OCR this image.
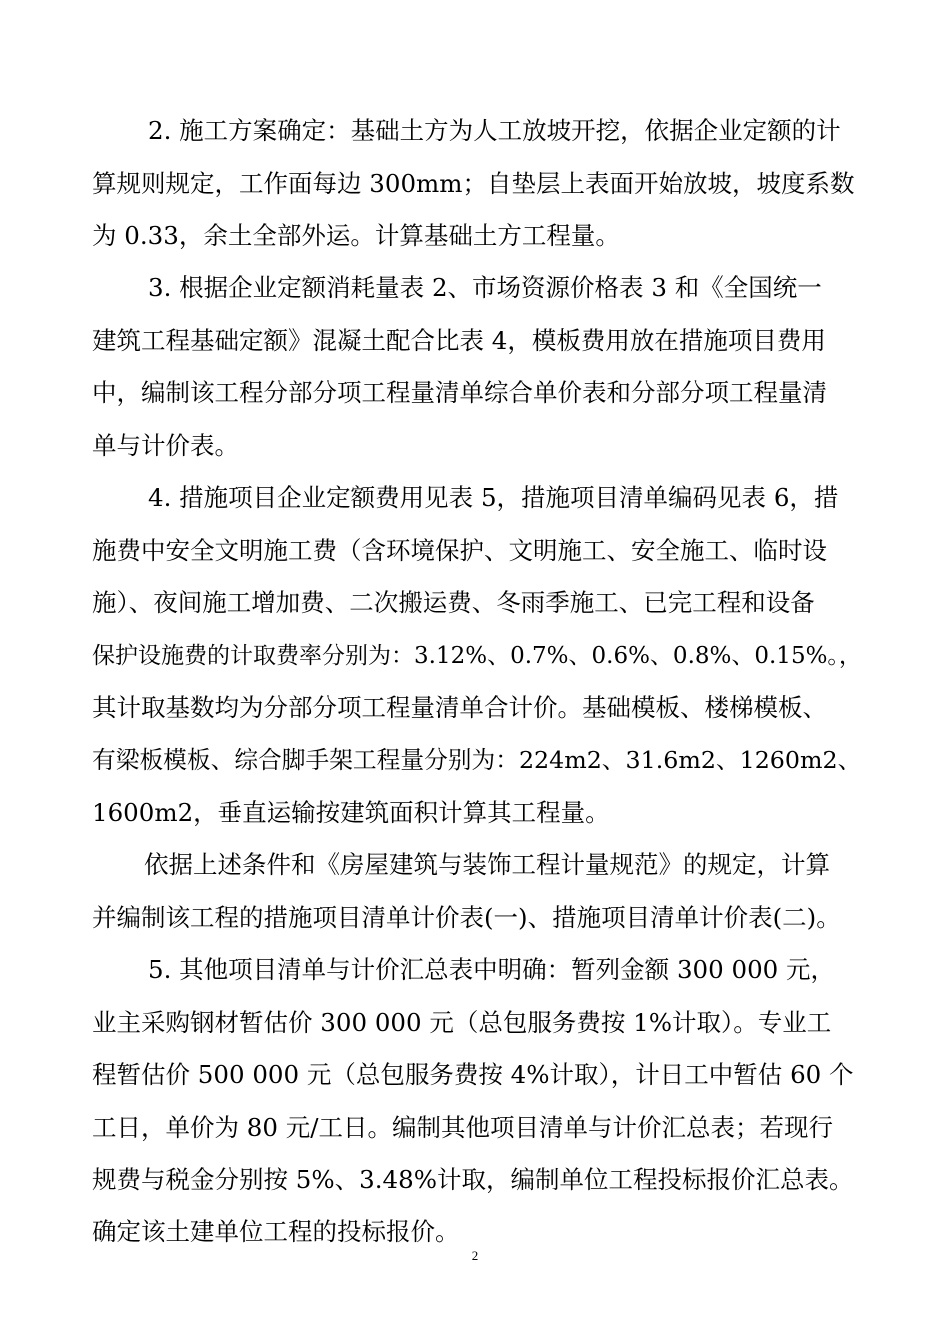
2. 施工方案确定：基础土方为人工放坡开挖，依据企业定额的计
算规则规定，工作面每边 300mm；自垫层上表面开始放坡，坡度系数
为 0.33，余土全部外运。计算基础土方工程量。
3. 根据企业定额消耗量表 2、市场资源价格表 3 和《全国统一
建筑工程基础定额》混凝土配合比表 4，模板费用放在措施项目费用
中，编制该工程分部分项工程量清单综合单价表和分部分项工程量清
单与计价表。
4. 措施项目企业定额费用见表 5，措施项目清单编码见表 6，措
施费中安全文明施工费（含环境保护、文明施工、安全施工、临时设
施）、夜间施工增加费、二次搬运费、冬雨季施工、已完工程和设备
保护设施费的计取费率分别为：3.12%、0.7%、0.6%、0.8%、0.15%。，
其计取基数均为分部分项工程量清单合计价。基础模板、楼梯模板、
有梁板模板、综合脚手架工程量分别为：224m2、31.6m2、1260m2、
1600m2，垂直运输按建筑面积计算其工程量。
依据上述条件和《房屋建筑与装饰工程计量规范》的规定，计算
并编制该工程的措施项目清单计价表(一)、措施项目清单计价表(二)。
5. 其他项目清单与计价汇总表中明确：暂列金额 300 000 元，
业主采购钢材暂估价 300 000 元（总包服务费按 1%计取）。专业工
程暂估价 500 000 元（总包服务费按 4%计取），计日工中暂估 60 个
工日，单价为 80 元/工日。编制其他项目清单与计价汇总表；若现行
规费与税金分别按 5%、3.48%计取，编制单位工程投标报价汇总表。
确定该土建单位工程的投标报价。
2
